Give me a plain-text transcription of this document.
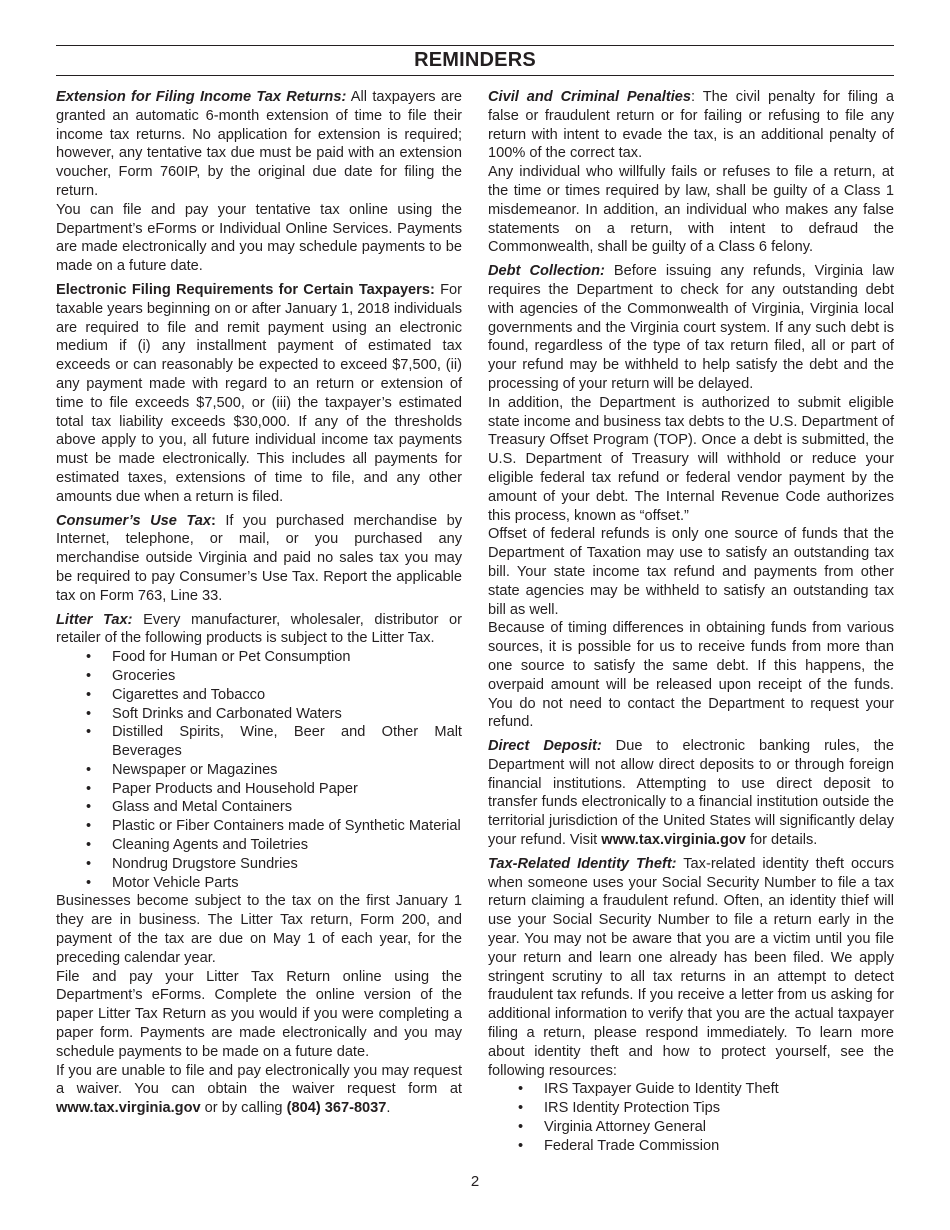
REMINDERS

Extension for Filing Income Tax Returns: All taxpayers are granted an automatic 6-month extension of time to file their income tax returns. No application for extension is required; however, any tentative tax due must be paid with an extension voucher, Form 760IP, by the original due date for filing the return.

You can file and pay your tentative tax online using the Department’s eForms or Individual Online Services. Payments are made electronically and you may schedule payments to be made on a future date.

Electronic Filing Requirements for Certain Taxpayers: For taxable years beginning on or after January 1, 2018 individuals are required to file and remit payment using an electronic medium if (i) any installment payment of estimated tax exceeds or can reasonably be expected to exceed $7,500, (ii) any payment made with regard to an return or extension of time to file exceeds $7,500, or (iii) the taxpayer’s estimated total tax liability exceeds $30,000. If any of the thresholds above apply to you, all future individual income tax payments must be made electronically. This includes all payments for estimated taxes, extensions of time to file, and any other amounts due when a return is filed.

Consumer’s Use Tax: If you purchased merchandise by Internet, telephone, or mail, or you purchased any merchandise outside Virginia and paid no sales tax you may be required to pay Consumer’s Use Tax. Report the applicable tax on Form 763, Line 33.

Litter Tax: Every manufacturer, wholesaler, distributor or retailer of the following products is subject to the Litter Tax.

• Food for Human or Pet Consumption
• Groceries
• Cigarettes and Tobacco
• Soft Drinks and Carbonated Waters
• Distilled Spirits, Wine, Beer and Other Malt Beverages
• Newspaper or Magazines
• Paper Products and Household Paper
• Glass and Metal Containers
• Plastic or Fiber Containers made of Synthetic Material
• Cleaning Agents and Toiletries
• Nondrug Drugstore Sundries
• Motor Vehicle Parts

Businesses become subject to the tax on the first January 1 they are in business. The Litter Tax return, Form 200, and payment of the tax are due on May 1 of each year, for the preceding calendar year.

File and pay your Litter Tax Return online using the Department’s eForms. Complete the online version of the paper Litter Tax Return as you would if you were completing a paper form. Payments are made electronically and you may schedule payments to be made on a future date.

If you are unable to file and pay electronically you may request a waiver. You can obtain the waiver request form at www.tax.virginia.gov or by calling (804) 367-8037.

Civil and Criminal Penalties: The civil penalty for filing a false or fraudulent return or for failing or refusing to file any return with intent to evade the tax, is an additional penalty of 100% of the correct tax.

Any individual who willfully fails or refuses to file a return, at the time or times required by law, shall be guilty of a Class 1 misdemeanor. In addition, an individual who makes any false statements on a return, with intent to defraud the Commonwealth, shall be guilty of a Class 6 felony.

Debt Collection: Before issuing any refunds, Virginia law requires the Department to check for any outstanding debt with agencies of the Commonwealth of Virginia, Virginia local governments and the Virginia court system. If any such debt is found, regardless of the type of tax return filed, all or part of your refund may be withheld to help satisfy the debt and the processing of your return will be delayed.

In addition, the Department is authorized to submit eligible state income and business tax debts to the U.S. Department of Treasury Offset Program (TOP). Once a debt is submitted, the U.S. Department of Treasury will withhold or reduce your eligible federal tax refund or federal vendor payment by the amount of your debt. The Internal Revenue Code authorizes this process, known as “offset.”

Offset of federal refunds is only one source of funds that the Department of Taxation may use to satisfy an outstanding tax bill. Your state income tax refund and payments from other state agencies may be withheld to satisfy an outstanding tax bill as well.

Because of timing differences in obtaining funds from various sources, it is possible for us to receive funds from more than one source to satisfy the same debt. If this happens, the overpaid amount will be released upon receipt of the funds. You do not need to contact the Department to request your refund.

Direct Deposit: Due to electronic banking rules, the Department will not allow direct deposits to or through foreign financial institutions. Attempting to use direct deposit to transfer funds electronically to a financial institution outside the territorial jurisdiction of the United States will significantly delay your refund. Visit www.tax.virginia.gov for details.

Tax-Related Identity Theft: Tax-related identity theft occurs when someone uses your Social Security Number to file a tax return claiming a fraudulent refund. Often, an identity thief will use your Social Security Number to file a return early in the year. You may not be aware that you are a victim until you file your return and learn one already has been filed. We apply stringent scrutiny to all tax returns in an attempt to detect fraudulent tax refunds. If you receive a letter from us asking for additional information to verify that you are the actual taxpayer filing a return, please respond immediately. To learn more about identity theft and how to protect yourself, see the following resources:

• IRS Taxpayer Guide to Identity Theft
• IRS Identity Protection Tips
• Virginia Attorney General
• Federal Trade Commission
2
